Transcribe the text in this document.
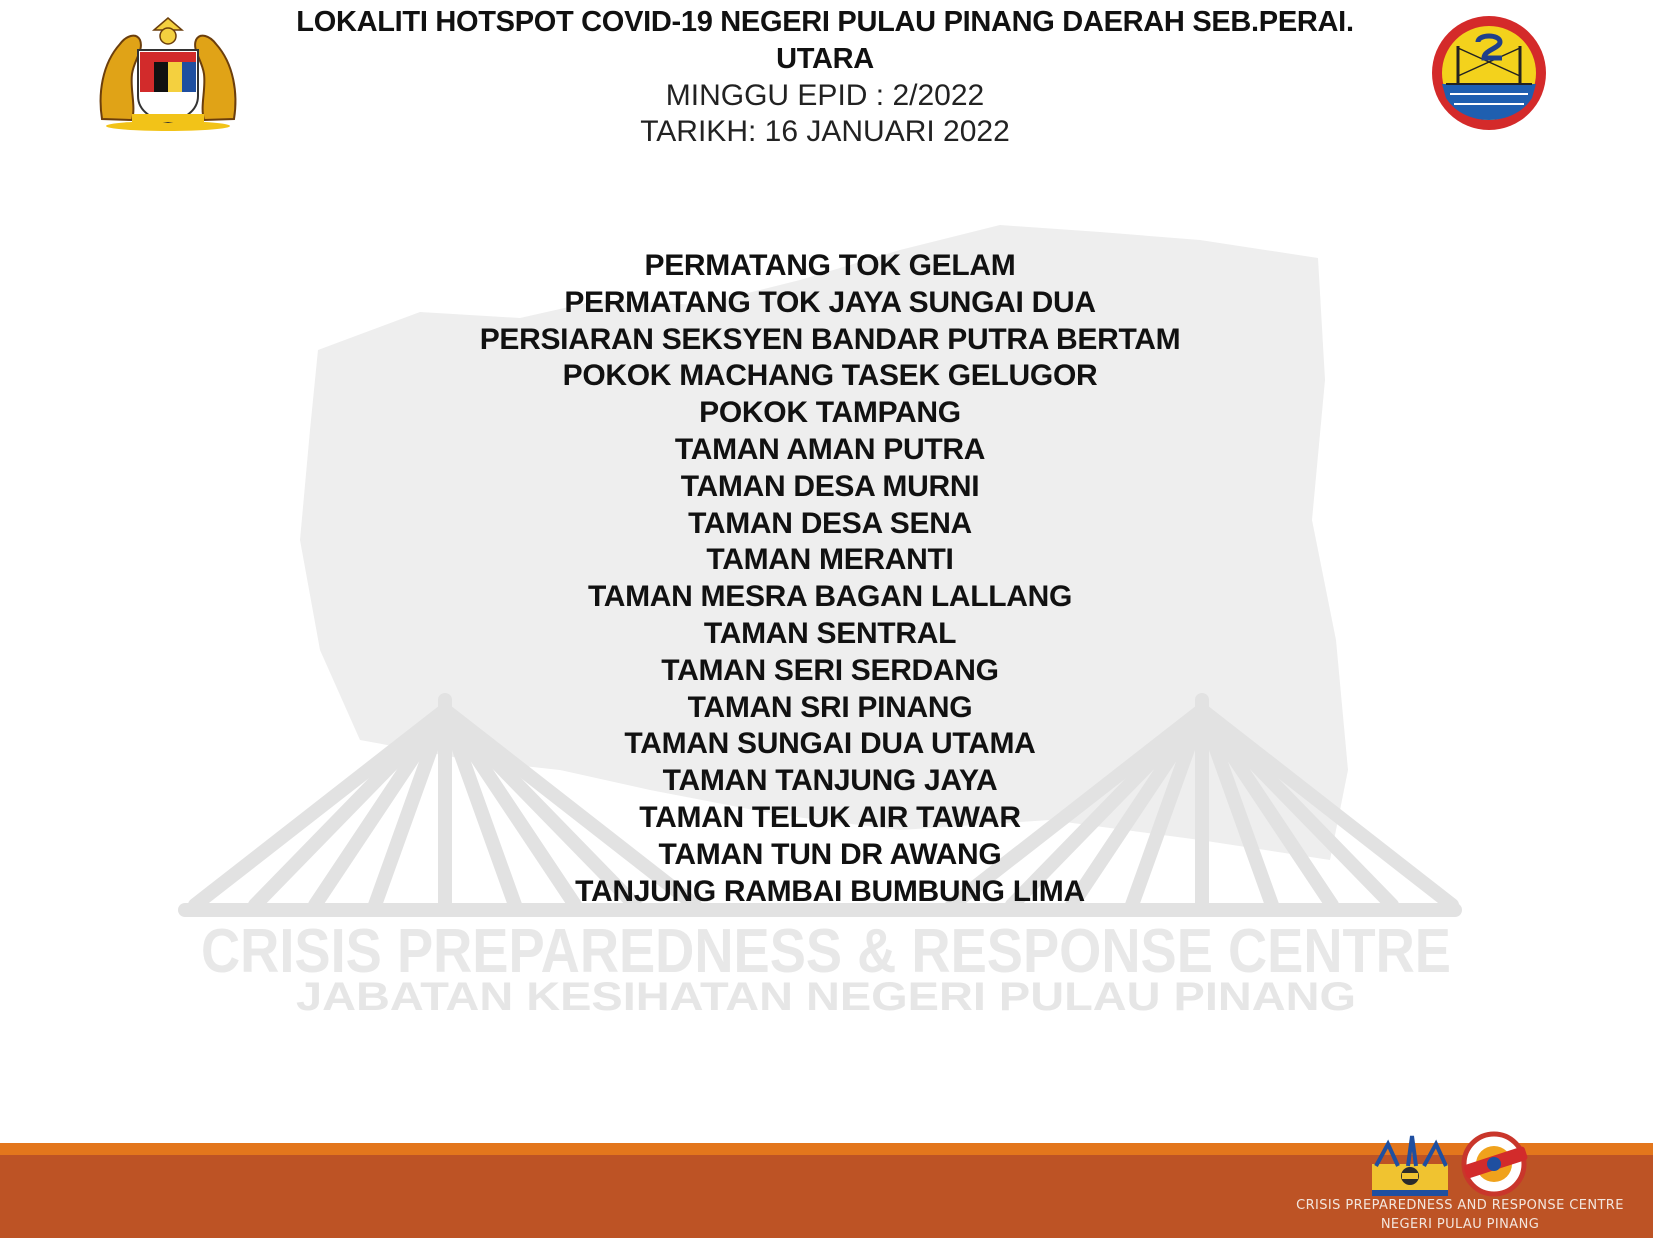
CRISIS PREPAREDNESS & RESPONSE CENTRE
JABATAN KESIHATAN NEGERI PULAU PINANG
LOKALITI HOTSPOT COVID-19 NEGERI PULAU PINANG DAERAH SEB.PERAI.
UTARA
MINGGU EPID : 2/2022
TARIKH: 16 JANUARI 2022
PERMATANG TOK GELAM
PERMATANG TOK JAYA SUNGAI DUA
PERSIARAN SEKSYEN BANDAR PUTRA BERTAM
POKOK MACHANG TASEK GELUGOR
POKOK TAMPANG
TAMAN AMAN PUTRA
TAMAN DESA MURNI
TAMAN DESA SENA
TAMAN MERANTI
TAMAN MESRA BAGAN LALLANG
TAMAN SENTRAL
TAMAN SERI SERDANG
TAMAN SRI PINANG
TAMAN SUNGAI DUA UTAMA
TAMAN TANJUNG JAYA
TAMAN TELUK AIR TAWAR
TAMAN TUN DR AWANG
TANJUNG RAMBAI BUMBUNG LIMA
CRISIS PREPAREDNESS AND RESPONSE CENTRE
NEGERI PULAU PINANG
